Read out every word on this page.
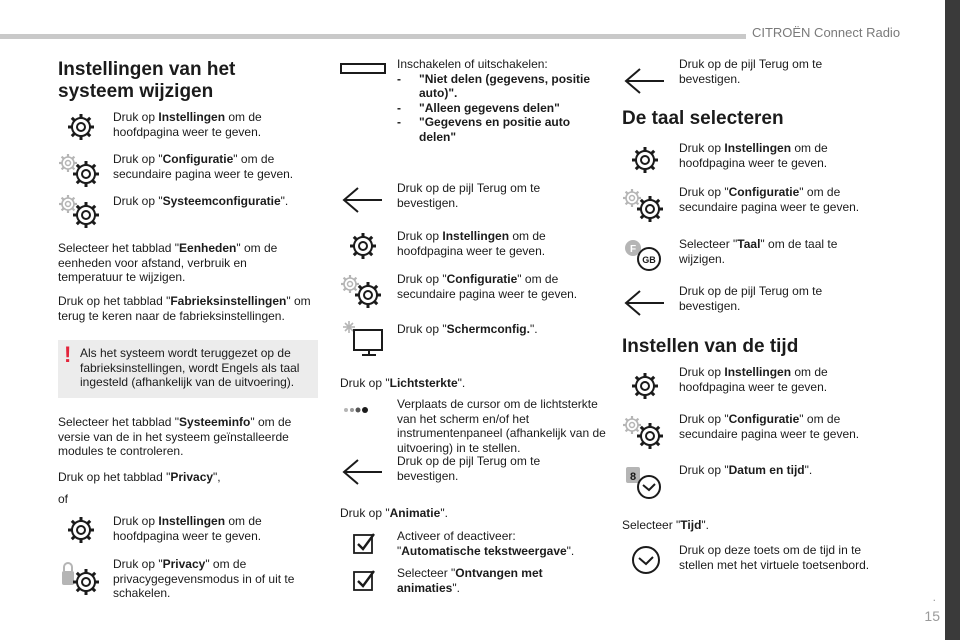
CITROËN Connect Radio
.
15
Instellingen van het systeem wijzigen
Druk op Instellingen om de hoofdpagina weer te geven.
Druk op "Configuratie" om de secundaire pagina weer te geven.
Druk op "Systeemconfiguratie".
Selecteer het tabblad "Eenheden" om de eenheden voor afstand, verbruik en temperatuur te wijzigen.
Druk op het tabblad "Fabrieksinstellingen" om terug te keren naar de fabrieksinstellingen.
! Als het systeem wordt teruggezet op de fabrieksinstellingen, wordt Engels als taal ingesteld (afhankelijk van de uitvoering).
Selecteer het tabblad "Systeeminfo" om de versie van de in het systeem geïnstalleerde modules te controleren.
Druk op het tabblad "Privacy",
of
Druk op Instellingen om de hoofdpagina weer te geven.
Druk op "Privacy" om de privacygegevensmodus in of uit te schakelen.
Inschakelen of uitschakelen:
- "Niet delen (gegevens, positie auto)".
- "Alleen gegevens delen"
- "Gegevens en positie auto delen"
Druk op de pijl Terug om te bevestigen.
Druk op Instellingen om de hoofdpagina weer te geven.
Druk op "Configuratie" om de secundaire pagina weer te geven.
Druk op "Schermconfig.".
Druk op "Lichtsterkte".
Verplaats de cursor om de lichtsterkte van het scherm en/of het instrumentenpaneel (afhankelijk van de uitvoering) in te stellen.
Druk op de pijl Terug om te bevestigen.
Druk op "Animatie".
Activeer of deactiveer: "Automatische tekstweergave".
Selecteer "Ontvangen met animaties".
Druk op de pijl Terug om te bevestigen.
De taal selecteren
Druk op Instellingen om de hoofdpagina weer te geven.
Druk op "Configuratie" om de secundaire pagina weer te geven.
F
GB
Selecteer "Taal" om de taal te wijzigen.
Druk op de pijl Terug om te bevestigen.
Instellen van de tijd
Druk op Instellingen om de hoofdpagina weer te geven.
Druk op "Configuratie" om de secundaire pagina weer te geven.
8	Druk op "Datum en tijd".
Selecteer "Tijd".
Druk op deze toets om de tijd in te stellen met het virtuele toetsenbord.
